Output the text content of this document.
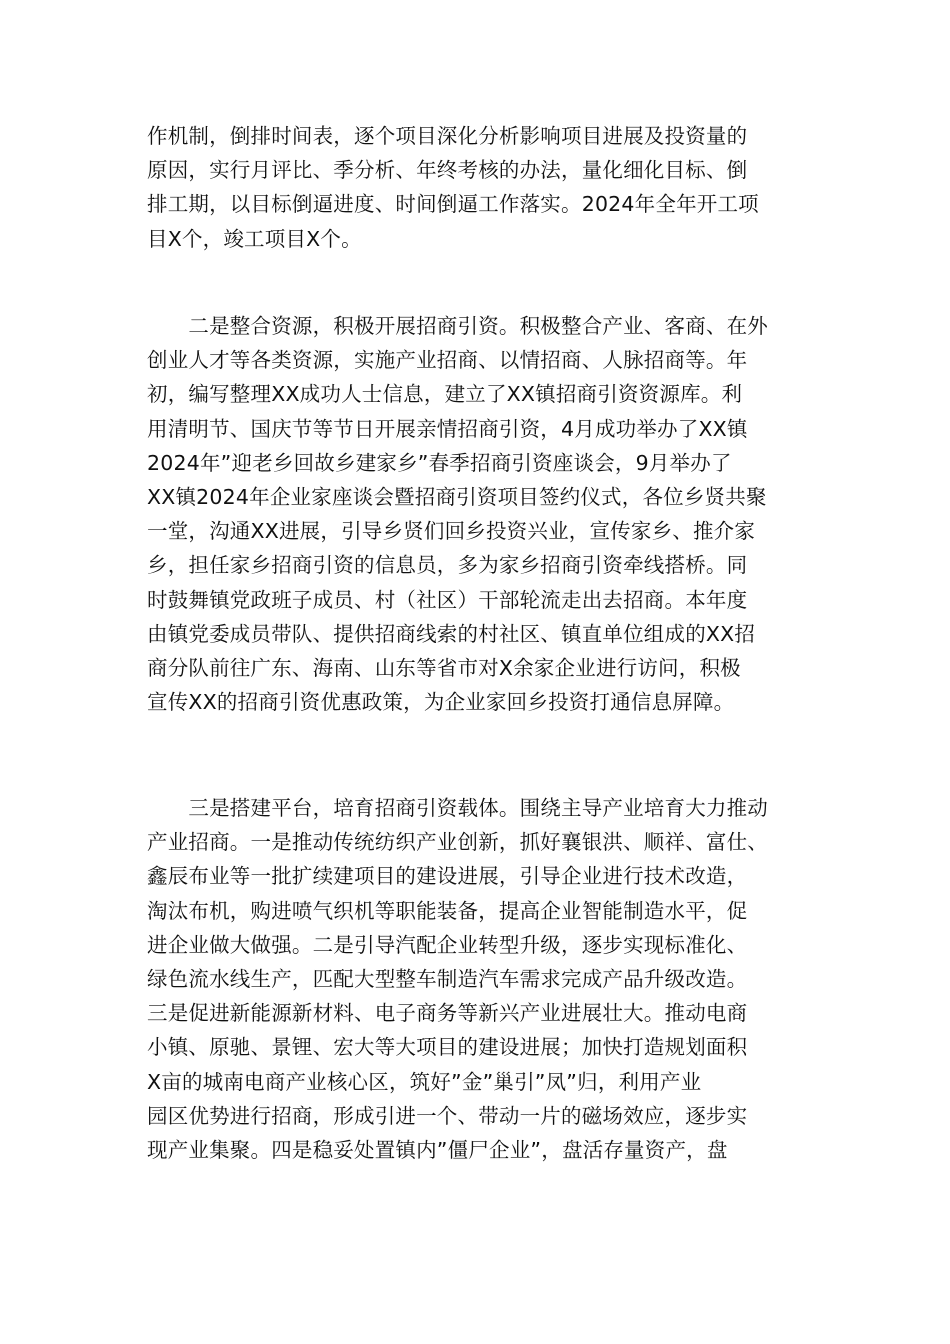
作机制，倒排时间表，逐个项目深化分析影响项目进展及投资量的
原因，实行月评比、季分析、年终考核的办法，量化细化目标、倒
排工期，以目标倒逼进度、时间倒逼工作落实。2024年全年开工项
目X个，竣工项目X个。
　　二是整合资源，积极开展招商引资。积极整合产业、客商、在外
创业人才等各类资源，实施产业招商、以情招商、人脉招商等。年
初，编写整理XX成功人士信息，建立了XX镇招商引资资源库。利
用清明节、国庆节等节日开展亲情招商引资，4月成功举办了XX镇
2024年”迎老乡回故乡建家乡”春季招商引资座谈会，9月举办了
XX镇2024年企业家座谈会暨招商引资项目签约仪式，各位乡贤共聚
一堂，沟通XX进展，引导乡贤们回乡投资兴业，宣传家乡、推介家
乡，担任家乡招商引资的信息员，多为家乡招商引资牵线搭桥。同
时鼓舞镇党政班子成员、村（社区）干部轮流走出去招商。本年度
由镇党委成员带队、提供招商线索的村社区、镇直单位组成的XX招
商分队前往广东、海南、山东等省市对X余家企业进行访问，积极
宣传XX的招商引资优惠政策，为企业家回乡投资打通信息屏障。
　　三是搭建平台，培育招商引资载体。围绕主导产业培育大力推动
产业招商。一是推动传统纺织产业创新，抓好襄银洪、顺祥、富仕、
鑫辰布业等一批扩续建项目的建设进展，引导企业进行技术改造，
淘汰布机，购进喷气织机等职能装备，提高企业智能制造水平，促
进企业做大做强。二是引导汽配企业转型升级，逐步实现标准化、
绿色流水线生产，匹配大型整车制造汽车需求完成产品升级改造。
三是促进新能源新材料、电子商务等新兴产业进展壮大。推动电商
小镇、原驰、景锂、宏大等大项目的建设进展；加快打造规划面积
X亩的城南电商产业核心区，筑好”金”巢引”凤”归，利用产业
园区优势进行招商，形成引进一个、带动一片的磁场效应，逐步实
现产业集聚。四是稳妥处置镇内”僵尸企业”，盘活存量资产，盘
